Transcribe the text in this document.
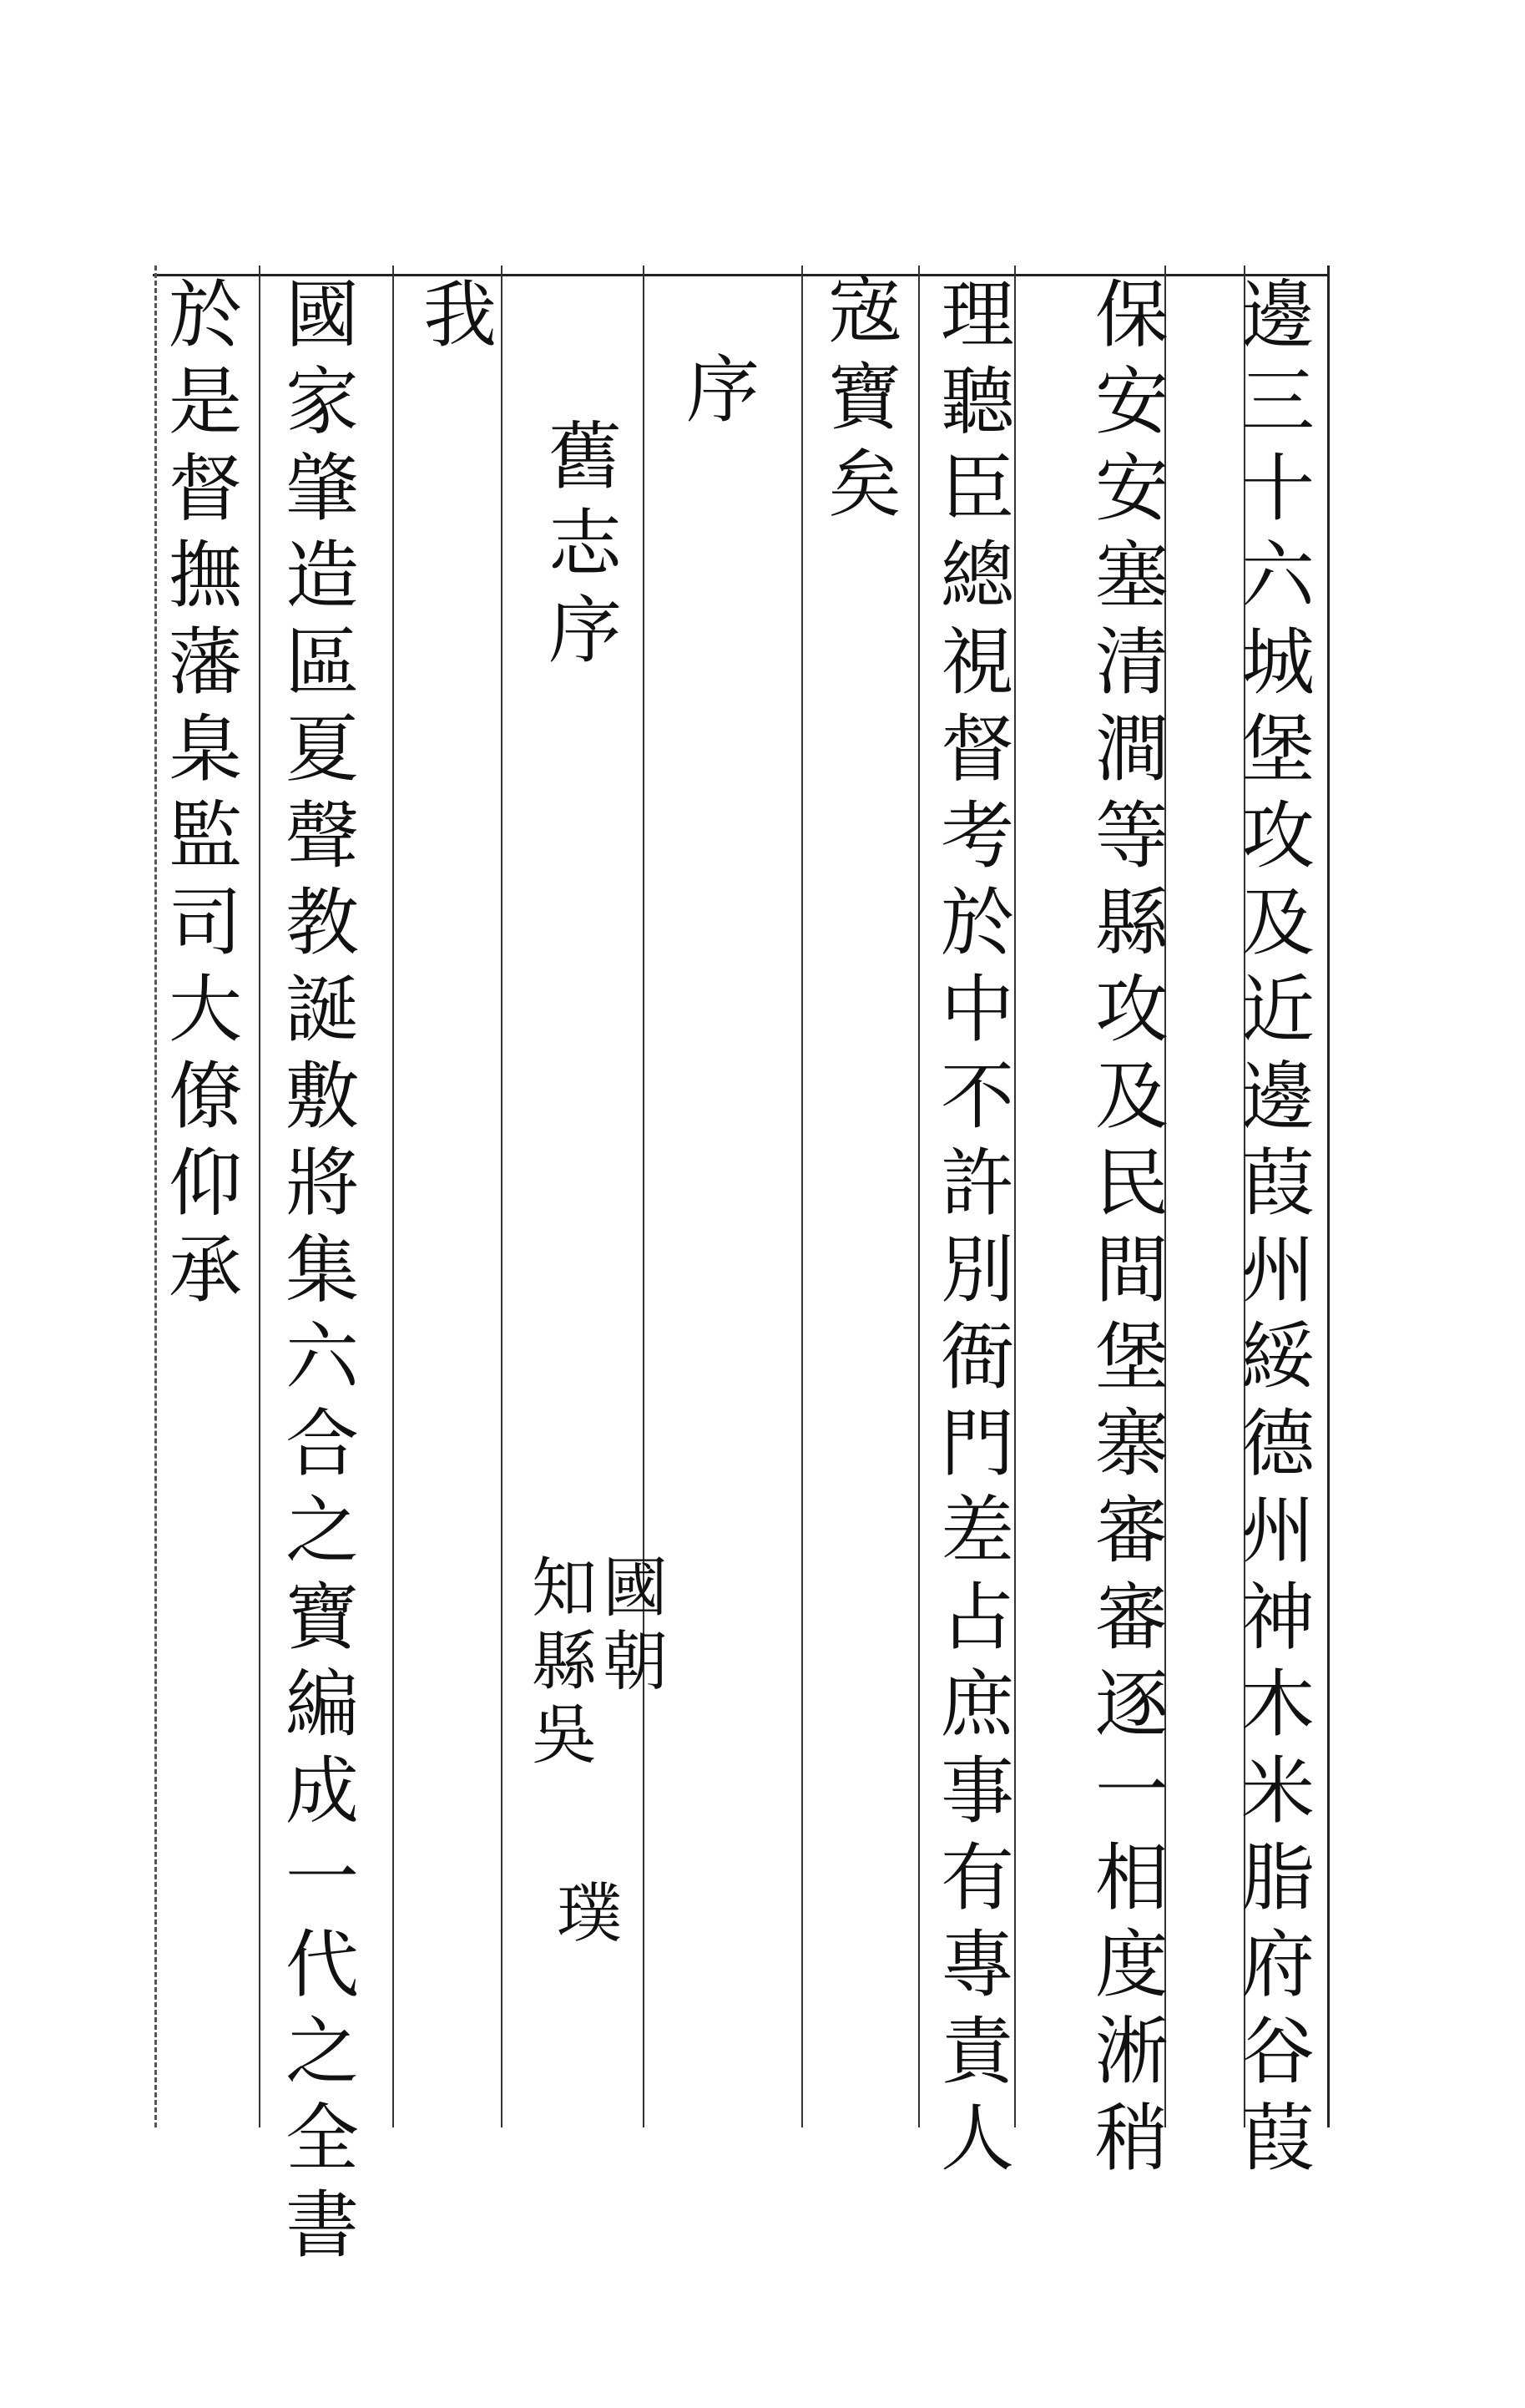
邊三十六城堡攻及近邊葭州綏德州神木米脂府谷葭
保安安塞清澗等縣攻及民間堡寨審審逐一相度淅稍
理聽臣總視督考於中不許別衙門差占庶事有專責人
宼寶矣
序
舊志序
國朝
知縣吳
璞
我
國家肇造區夏聲教誕敷將集六合之寶編成一代之全書
於是督撫藩臬監司大僚仰承
